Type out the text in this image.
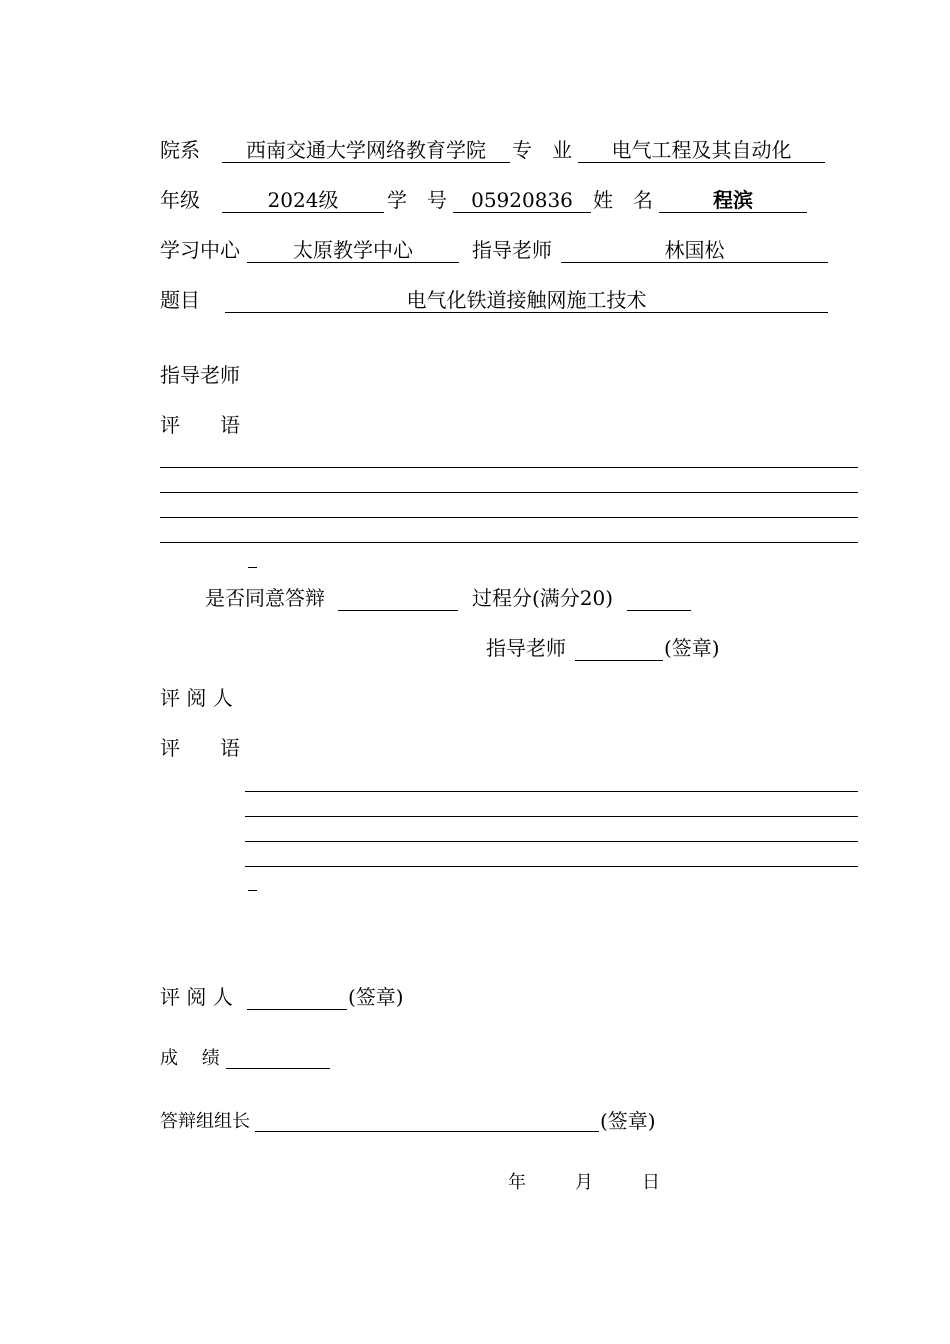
院系	西南交通大学网络教育学院	专　业	电气工程及其自动化
年级	2024级	学　号	05920836	姓　名	程滨
学习中心	太原教学中心	指导老师	林国松
题目	电气化铁道接触网施工技术
指导老师
评　　语
是否同意答辩	过程分(满分20)
指导老师	(签章)
评 阅 人
评　　语
评 阅 人	(签章)
成　 绩
答辩组组长	(签章)
年	月	日
